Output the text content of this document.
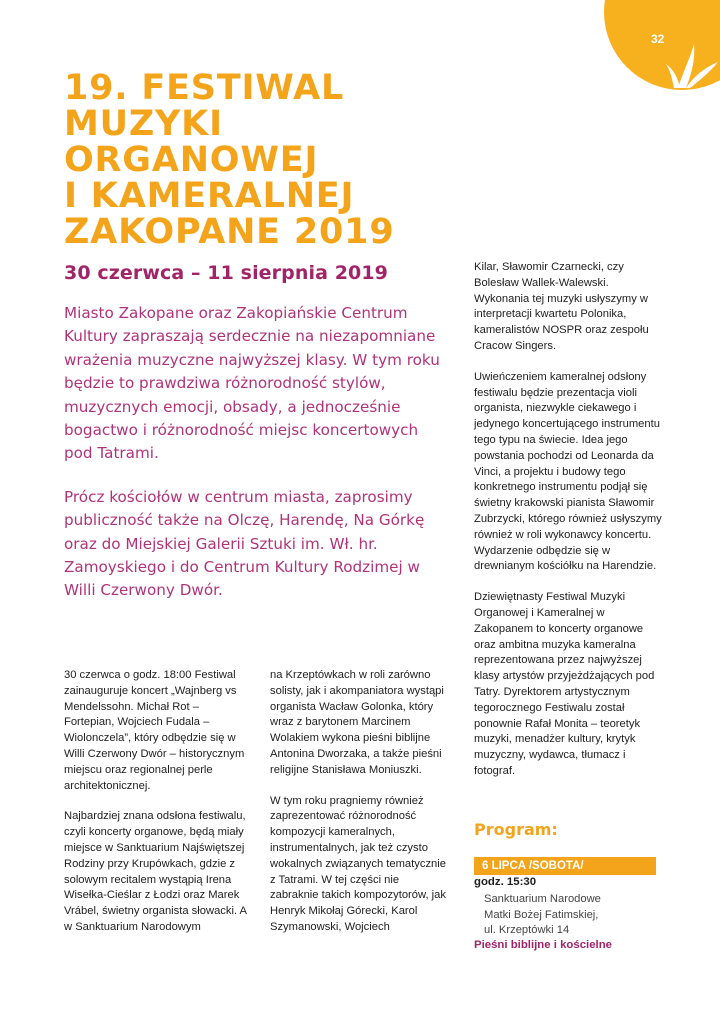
32
19. FESTIWAL
MUZYKI ORGANOWEJ
I KAMERALNEJ
ZAKOPANE 2019
30 czerwca – 11 sierpnia 2019

Miasto Zakopane oraz Zakopiańskie Centrum Kultury zapraszają serdecznie na niezapomniane wrażenia muzyczne najwyższej klasy. W tym roku będzie to prawdziwa różnorodność stylów, muzycznych emocji, obsady, a jednocześnie bogactwo i różnorodność miejsc koncertowych pod Tatrami.

Prócz kościołów w centrum miasta, zaprosimy publiczność także na Olczę, Harendę, Na Górkę oraz do Miejskiej Galerii Sztuki im. Wł. hr. Zamoyskiego i do Centrum Kultury Rodzimej w Willi Czerwony Dwór.

30 czerwca o godz. 18:00 Festiwal zainauguruje koncert „Wajnberg vs Mendelssohn. Michał Rot – Fortepian, Wojciech Fudala – Wiolonczela”, który odbędzie się w Willi Czerwony Dwór – historycznym miejscu oraz regionalnej perle architektonicznej.

Najbardziej znana odsłona festiwalu, czyli koncerty organowe, będą miały miejsce w Sanktuarium Najświętszej Rodziny przy Krupówkach, gdzie z solowym recitalem wystąpią Irena Wisełka-Cieślar z Łodzi oraz Marek Vrábel, świetny organista słowacki. A w Sanktuarium Narodowym

na Krzeptówkach w roli zarówno solisty, jak i akompaniatora wystąpi organista Wacław Golonka, który wraz z barytonem Marcinem Wolakiem wykona pieśni biblijne Antonina Dworzaka, a także pieśni religijne Stanisława Moniuszki.

W tym roku pragniemy również zaprezentować różnorodność kompozycji kameralnych, instrumentalnych, jak też czysto wokalnych związanych tematycznie z Tatrami. W tej części nie zabraknie takich kompozytorów, jak Henryk Mikołaj Górecki, Karol Szymanowski, Wojciech

Kilar, Sławomir Czarnecki, czy Bolesław Wallek-Walewski. Wykonania tej muzyki usłyszymy w interpretacji kwartetu Polonika, kameralistów NOSPR oraz zespołu Cracow Singers.

Uwieńczeniem kameralnej odsłony festiwalu będzie prezentacja violi organista, niezwykle ciekawego i jedynego koncertującego instrumentu tego typu na świecie. Idea jego powstania pochodzi od Leonarda da Vinci, a projektu i budowy tego konkretnego instrumentu podjął się świetny krakowski pianista Sławomir Zubrzycki, którego również usłyszymy również w roli wykonawcy koncertu. Wydarzenie odbędzie się w drewnianym kościółku na Harendzie.

Dziewiętnasty Festiwal Muzyki Organowej i Kameralnej w Zakopanem to koncerty organowe oraz ambitna muzyka kameralna reprezentowana przez najwyższej klasy artystów przyjeżdżających pod Tatry. Dyrektorem artystycznym tegorocznego Festiwalu został ponownie Rafał Monita – teoretyk muzyki, menadżer kultury, krytyk muzyczny, wydawca, tłumacz i fotograf.

Program:
6 LIPCA /SOBOTA/
godz. 15:30
Sanktuarium Narodowe
Matki Bożej Fatimskiej,
ul. Krzeptówki 14
Pieśni biblijne i kościelne
